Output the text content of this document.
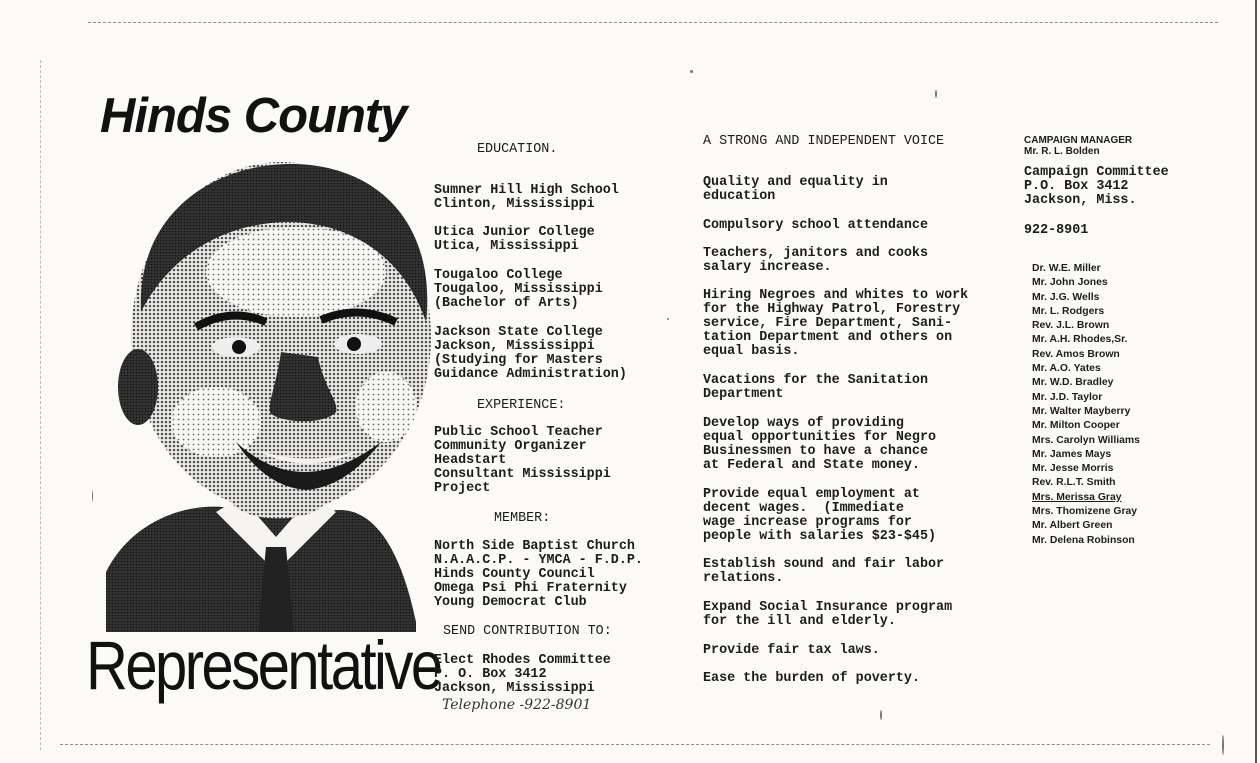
Hinds County
Representative
EDUCATION.
Sumner Hill High School
Clinton, Mississippi
Utica Junior College
Utica, Mississippi
Tougaloo College
Tougaloo, Mississippi
(Bachelor of Arts)
Jackson State College
Jackson, Mississippi
(Studying for Masters
Guidance Administration)
EXPERIENCE:
Public School Teacher
Community Organizer
Headstart
Consultant Mississippi
Project
MEMBER:
North Side Baptist Church
N.A.A.C.P. - YMCA - F.D.P.
Hinds County Council
Omega Psi Phi Fraternity
Young Democrat Club
SEND CONTRIBUTION TO:
Elect Rhodes Committee
P. O. Box 3412
Jackson, Mississippi
Telephone -922-8901
A STRONG AND INDEPENDENT VOICE
Quality and equality in
education
Compulsory school attendance
Teachers, janitors and cooks
salary increase.
Hiring Negroes and whites to work
for the Highway Patrol, Forestry
service, Fire Department, Sani-
tation Department and others on
equal basis.
Vacations for the Sanitation
Department
Develop ways of providing
equal opportunities for Negro
Businessmen to have a chance
at Federal and State money.
Provide equal employment at
decent wages.  (Immediate
wage increase programs for
people with salaries $23-$45)
Establish sound and fair labor
relations.
Expand Social Insurance program
for the ill and elderly.
Provide fair tax laws.
Ease the burden of poverty.
CAMPAIGN MANAGER
Mr. R. L. Bolden
Campaign Committee
P.O. Box 3412
Jackson, Miss.
922-8901
Dr. W.E. Miller
Mr. John Jones
Mr. J.G. Wells
Mr. L. Rodgers
Rev. J.L. Brown
Mr. A.H. Rhodes,Sr.
Rev. Amos Brown
Mr. A.O. Yates
Mr. W.D. Bradley
Mr. J.D. Taylor
Mr. Walter Mayberry
Mr. Milton Cooper
Mrs. Carolyn Williams
Mr. James Mays
Mr. Jesse Morris
Rev. R.L.T. Smith
Mrs. Merissa Gray
Mrs. Thomizene Gray
Mr. Albert Green
Mr. Delena Robinson
